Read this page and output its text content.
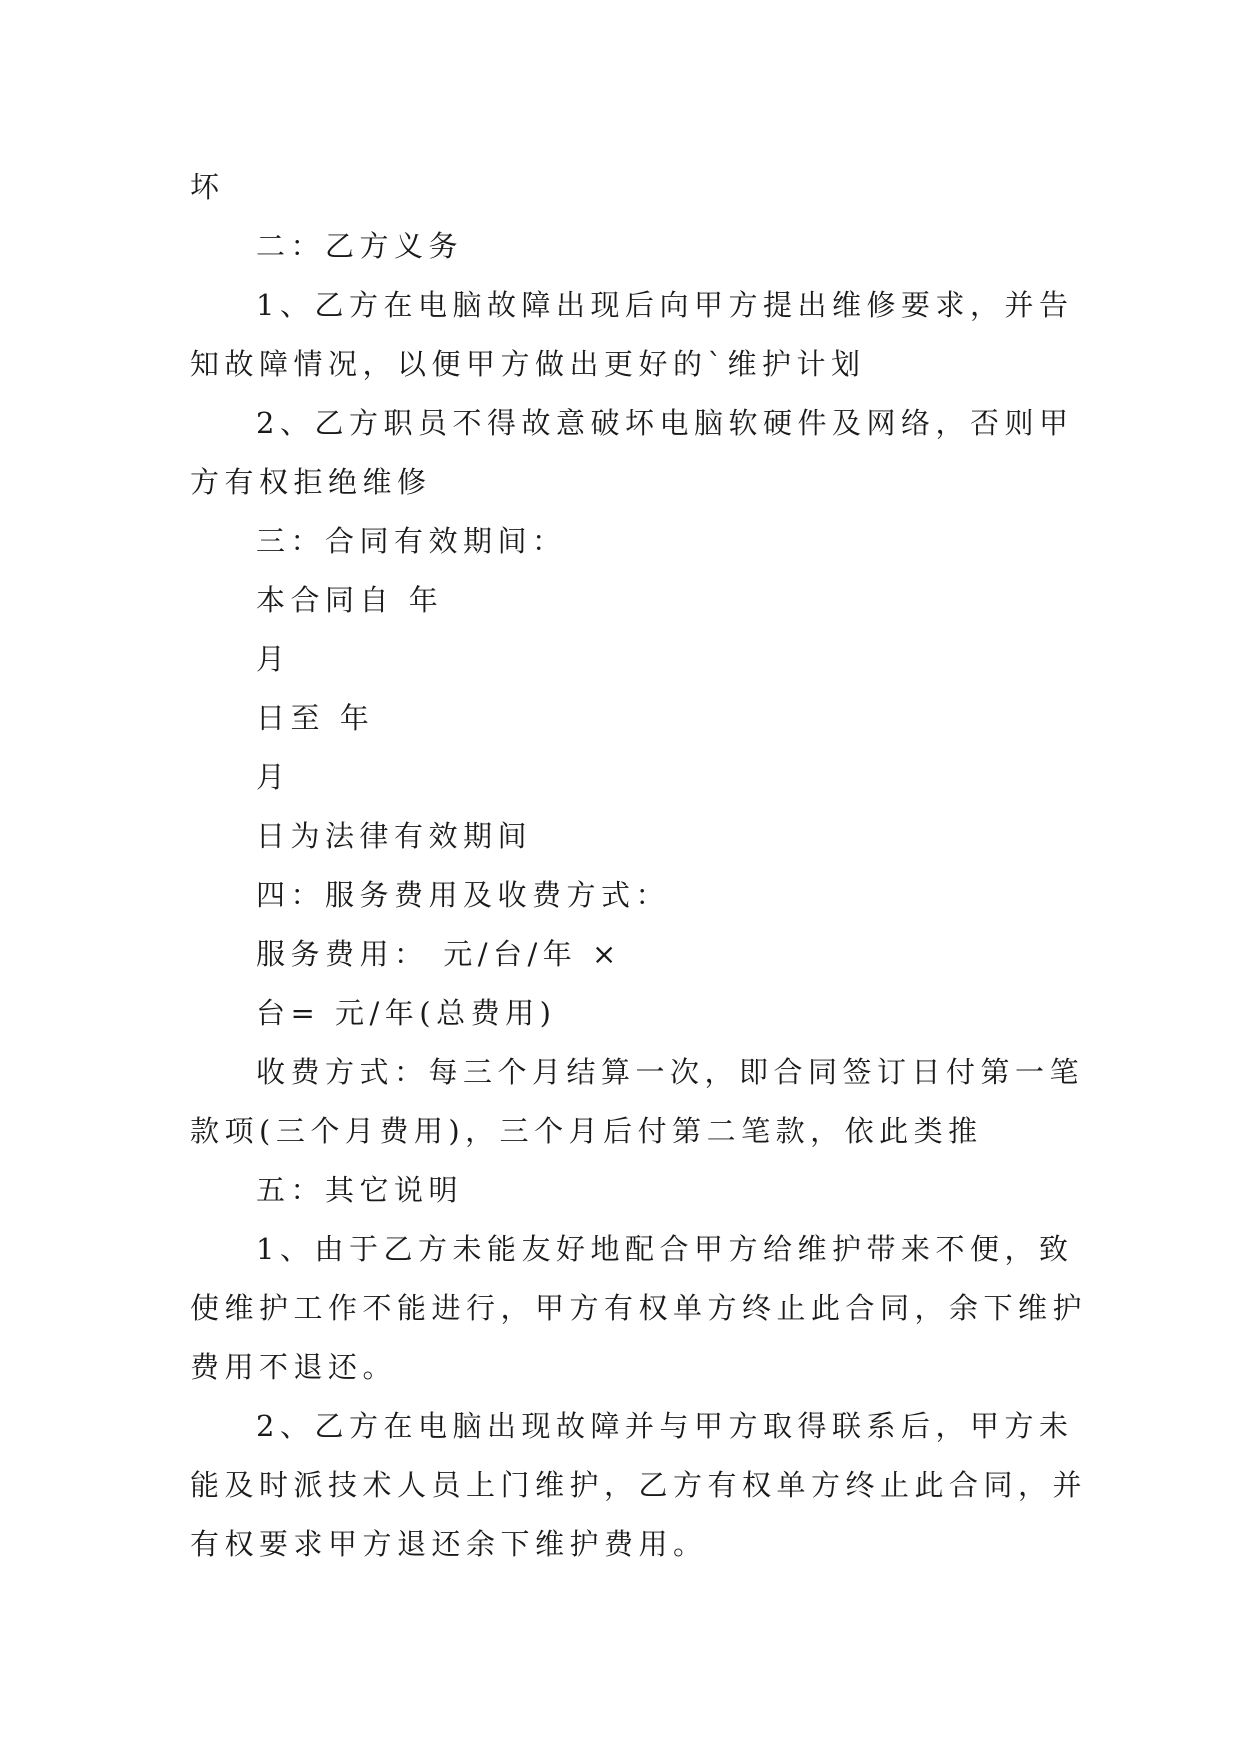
坏
二：乙方义务
1、乙方在电脑故障出现后向甲方提出维修要求，并告
知故障情况，以便甲方做出更好的`维护计划
2、乙方职员不得故意破坏电脑软硬件及网络，否则甲
方有权拒绝维修
三：合同有效期间：
本合同自 年
月
日至 年
月
日为法律有效期间
四：服务费用及收费方式：
服务费用： 元/台/年 ×
台= 元/年(总费用)
收费方式：每三个月结算一次，即合同签订日付第一笔
款项(三个月费用)，三个月后付第二笔款，依此类推
五：其它说明
1、由于乙方未能友好地配合甲方给维护带来不便，致
使维护工作不能进行，甲方有权单方终止此合同，余下维护
费用不退还。
2、乙方在电脑出现故障并与甲方取得联系后，甲方未
能及时派技术人员上门维护，乙方有权单方终止此合同，并
有权要求甲方退还余下维护费用。
